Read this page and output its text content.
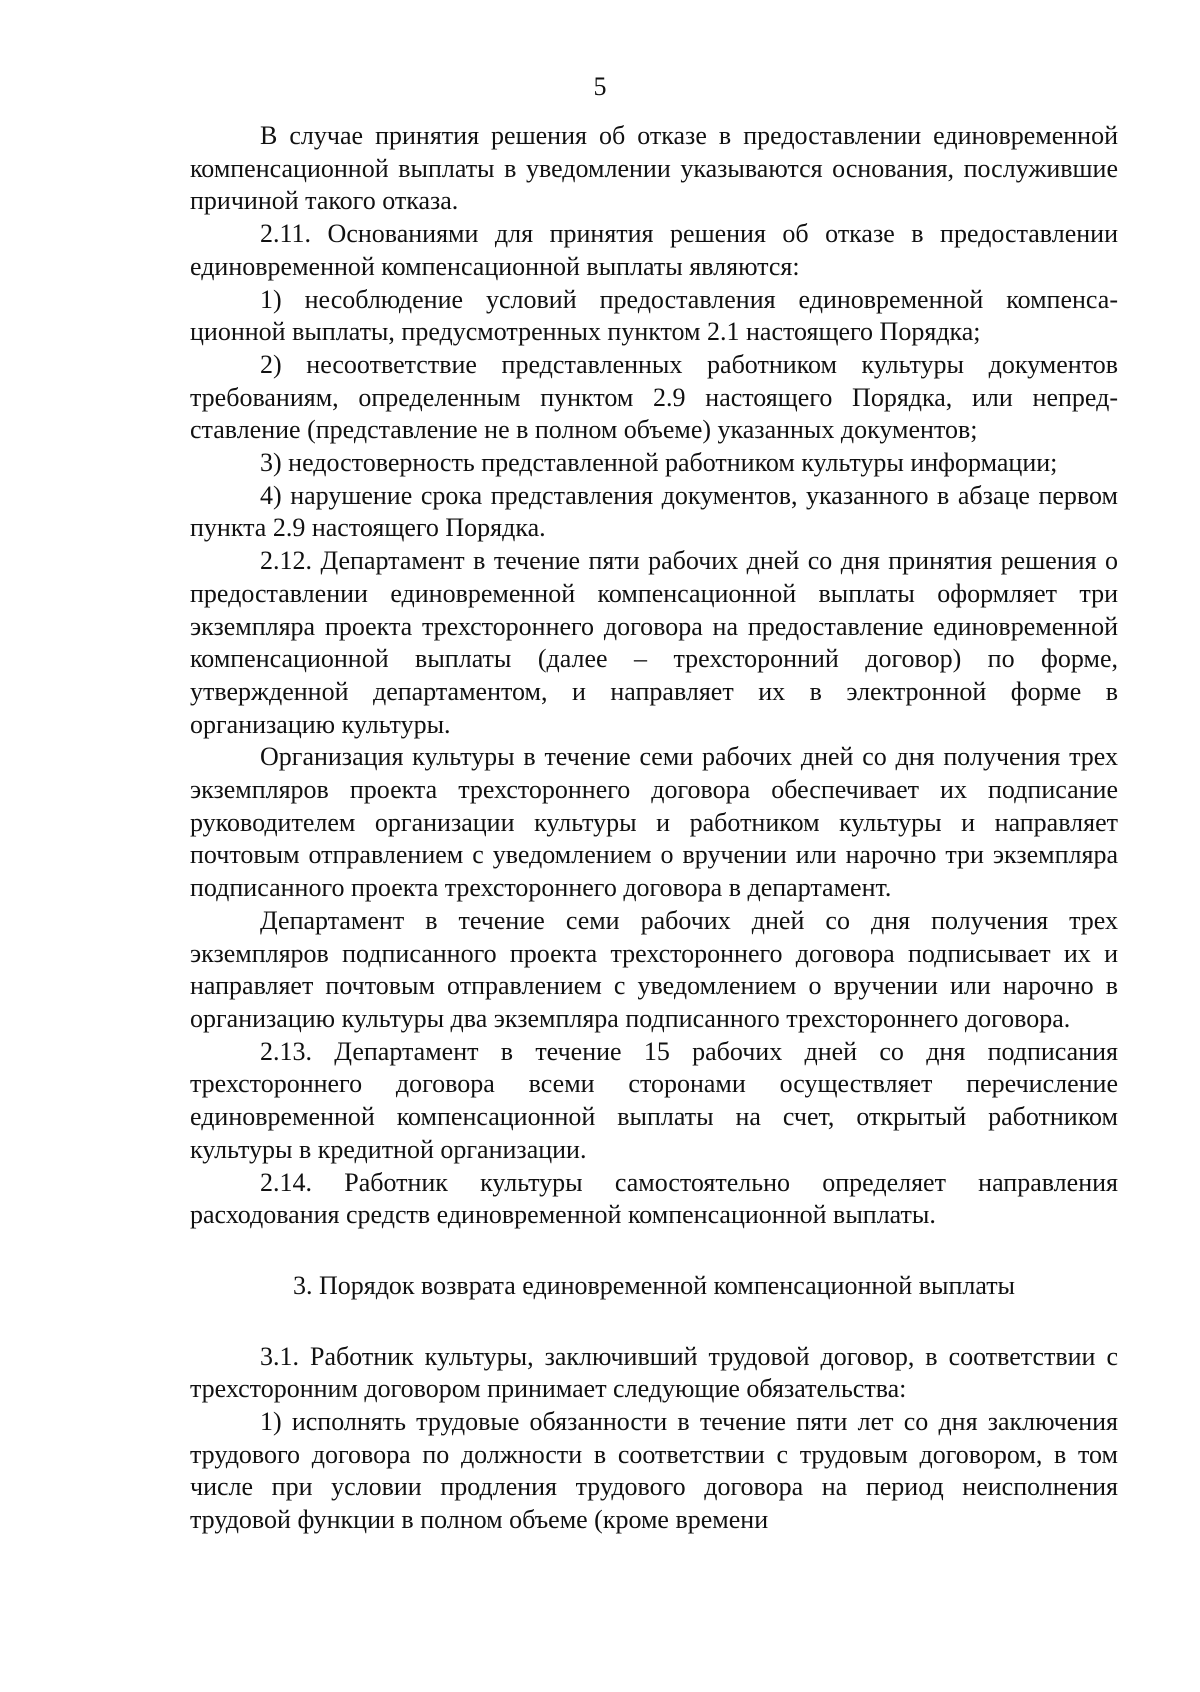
5

В случае принятия решения об отказе в предоставлении единовременной компенсационной выплаты в уведомлении указываются основания, послужившие причиной такого отказа.

2.11. Основаниями для принятия решения об отказе в предоставлении единовременной компенсационной выплаты являются:

1) несоблюдение условий предоставления единовременной компенсационной выплаты, предусмотренных пунктом 2.1 настоящего Порядка;

2) несоответствие представленных работником культуры документов требованиям, определенным пунктом 2.9 настоящего Порядка, или непредставление (представление не в полном объеме) указанных документов;

3) недостоверность представленной работником культуры информации;

4) нарушение срока представления документов, указанного в абзаце первом пункта 2.9 настоящего Порядка.

2.12. Департамент в течение пяти рабочих дней со дня принятия решения о предоставлении единовременной компенсационной выплаты оформляет три экземпляра проекта трехстороннего договора на предоставление единовременной компенсационной выплаты (далее – трехсторонний договор) по форме, утвержденной департаментом, и направляет их в электронной форме в организацию культуры.

Организация культуры в течение семи рабочих дней со дня получения трех экземпляров проекта трехстороннего договора обеспечивает их подписание руководителем организации культуры и работником культуры и направляет почтовым отправлением с уведомлением о вручении или нарочно три экземпляра подписанного проекта трехстороннего договора в департамент.

Департамент в течение семи рабочих дней со дня получения трех экземпляров подписанного проекта трехстороннего договора подписывает их и направляет почтовым отправлением с уведомлением о вручении или нарочно в организацию культуры два экземпляра подписанного трехстороннего договора.

2.13. Департамент в течение 15 рабочих дней со дня подписания трехстороннего договора всеми сторонами осуществляет перечисление единовременной компенсационной выплаты на счет, открытый работником культуры в кредитной организации.

2.14. Работник культуры самостоятельно определяет направления расходования средств единовременной компенсационной выплаты.

3. Порядок возврата единовременной компенсационной выплаты

3.1. Работник культуры, заключивший трудовой договор, в соответствии с трехсторонним договором принимает следующие обязательства:

1) исполнять трудовые обязанности в течение пяти лет со дня заключения трудового договора по должности в соответствии с трудовым договором, в том числе при условии продления трудового договора на период неисполнения трудовой функции в полном объеме (кроме времени
